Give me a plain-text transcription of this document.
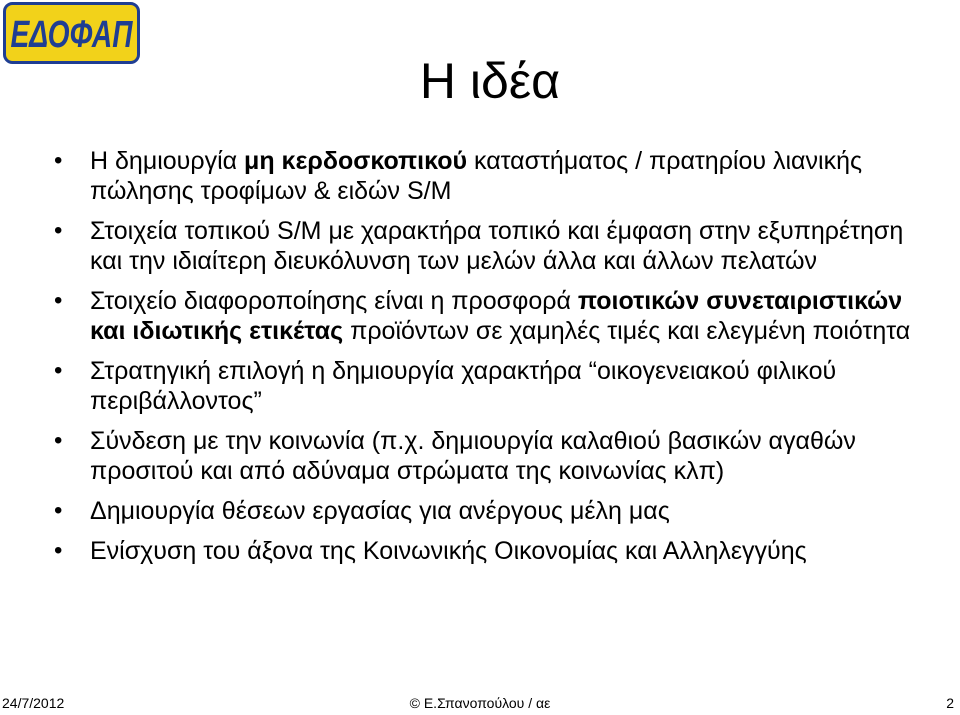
ΕΔΟΦΑΠ
Η ιδέα
• Η δημιουργία μη κερδοσκοπικού καταστήματος / πρατηρίου λιανικής πώλησης τροφίμων & ειδών S/M
• Στοιχεία τοπικού S/M με χαρακτήρα τοπικό και έμφαση στην εξυπηρέτηση και την ιδιαίτερη διευκόλυνση των μελών άλλα και άλλων πελατών
• Στοιχείο διαφοροποίησης είναι η προσφορά ποιοτικών συνεταιριστικών και ιδιωτικής ετικέτας προϊόντων σε χαμηλές τιμές και ελεγμένη ποιότητα
• Στρατηγική επιλογή η δημιουργία χαρακτήρα “οικογενειακού φιλικού περιβάλλοντος”
• Σύνδεση με την κοινωνία (π.χ. δημιουργία καλαθιού βασικών αγαθών προσιτού και από αδύναμα στρώματα της κοινωνίας κλπ)
• Δημιουργία θέσεων εργασίας για ανέργους μέλη μας
• Ενίσχυση του άξονα της Κοινωνικής Οικονομίας και Αλληλεγγύης
24/7/2012	© Ε.Σπανοπούλου / αε	2
